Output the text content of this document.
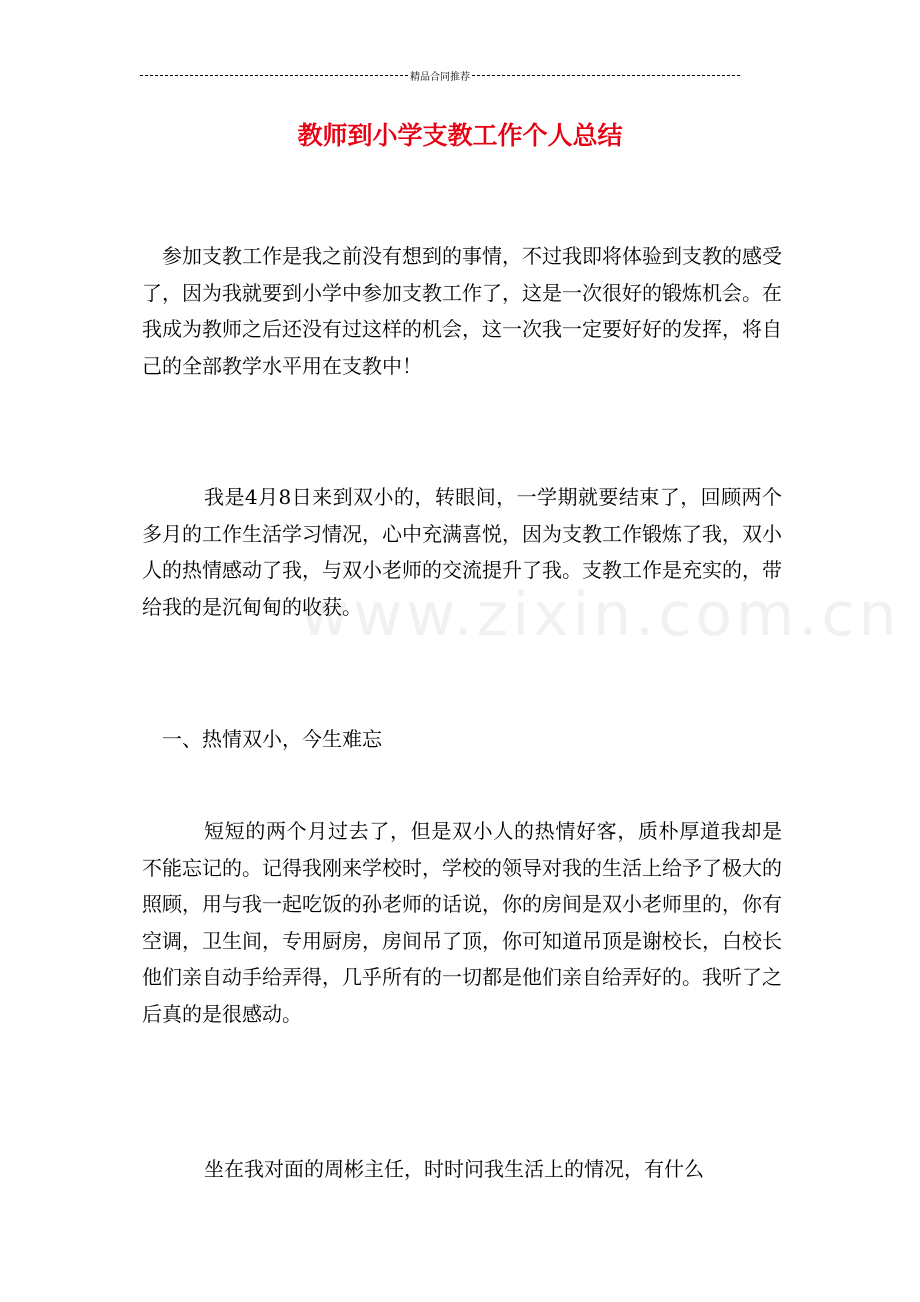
精品合同推荐
教师到小学支教工作个人总结
www.zixin.com.cn

参加支教工作是我之前没有想到的事情，不过我即将体验到支教的感受了，因为我就要到小学中参加支教工作了，这是一次很好的锻炼机会。在我成为教师之后还没有过这样的机会，这一次我一定要好好的发挥，将自己的全部教学水平用在支教中！

我是4月8日来到双小的，转眼间，一学期就要结束了，回顾两个多月的工作生活学习情况，心中充满喜悦，因为支教工作锻炼了我，双小人的热情感动了我，与双小老师的交流提升了我。支教工作是充实的，带给我的是沉甸甸的收获。

一、热情双小，今生难忘

短短的两个月过去了，但是双小人的热情好客，质朴厚道我却是不能忘记的。记得我刚来学校时，学校的领导对我的生活上给予了极大的照顾，用与我一起吃饭的孙老师的话说，你的房间是双小老师里的，你有空调，卫生间，专用厨房，房间吊了顶，你可知道吊顶是谢校长，白校长他们亲自动手给弄得，几乎所有的一切都是他们亲自给弄好的。我听了之后真的是很感动。

坐在我对面的周彬主任，时时问我生活上的情况，有什么
